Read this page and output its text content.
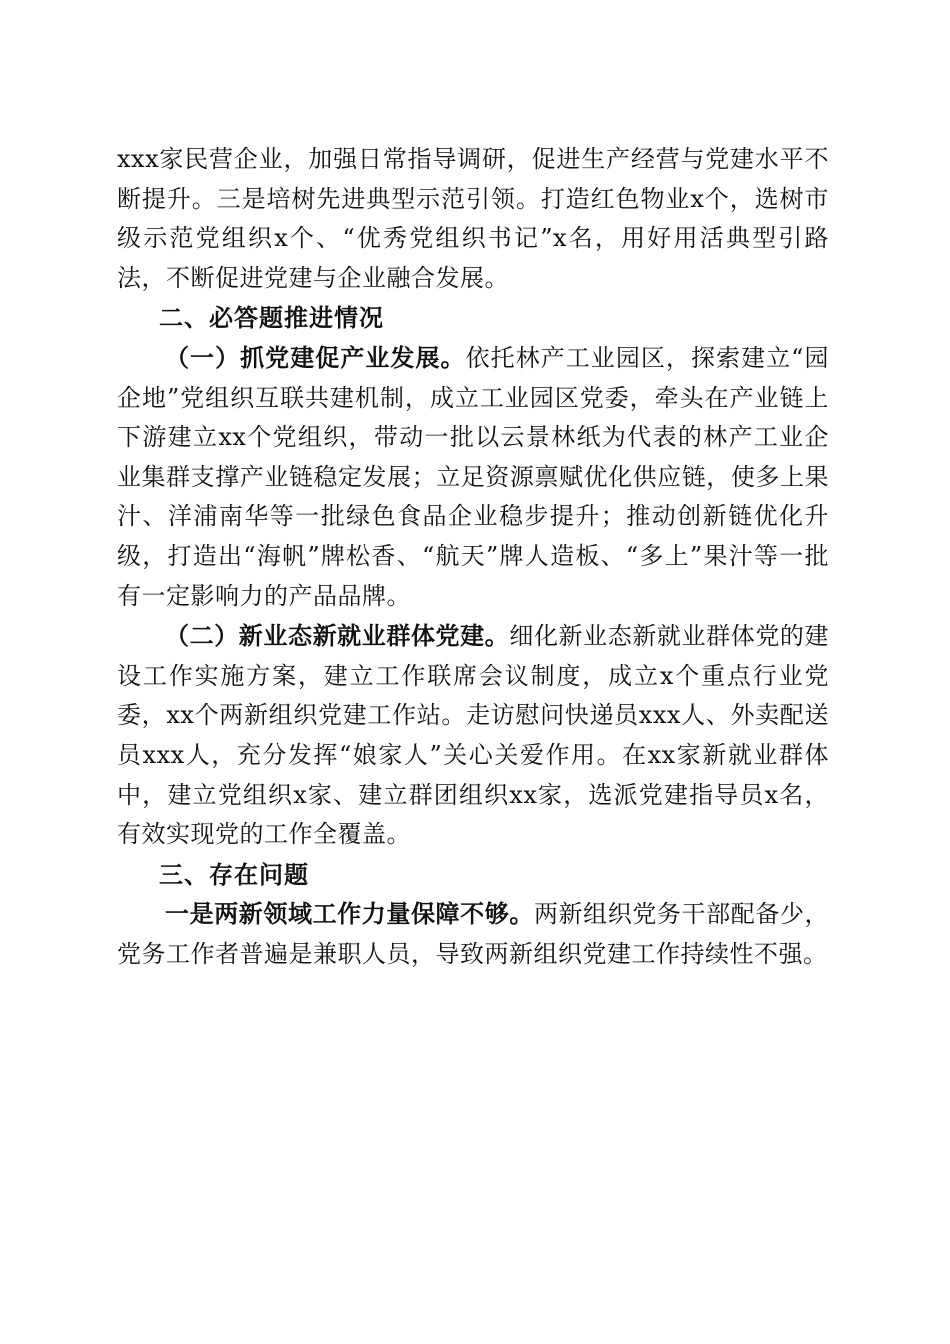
xxx家民营企业，加强日常指导调研，促进生产经营与党建水平不断提升。三是培树先进典型示范引领。打造红色物业x个，选树市级示范党组织x个、“优秀党组织书记”x名，用好用活典型引路法，不断促进党建与企业融合发展。

二、必答题推进情况

（一）抓党建促产业发展。依托林产工业园区，探索建立“园企地”党组织互联共建机制，成立工业园区党委，牵头在产业链上下游建立xx个党组织，带动一批以云景林纸为代表的林产工业企业集群支撑产业链稳定发展；立足资源禀赋优化供应链，使多上果汁、洋浦南华等一批绿色食品企业稳步提升；推动创新链优化升级，打造出“海帆”牌松香、“航天”牌人造板、“多上”果汁等一批有一定影响力的产品品牌。

（二）新业态新就业群体党建。细化新业态新就业群体党的建设工作实施方案，建立工作联席会议制度，成立x个重点行业党委，xx个两新组织党建工作站。走访慰问快递员xxx人、外卖配送员xxx人，充分发挥“娘家人”关心关爱作用。在xx家新就业群体中，建立党组织x家、建立群团组织xx家，选派党建指导员x名，有效实现党的工作全覆盖。

三、存在问题

一是两新领域工作力量保障不够。两新组织党务干部配备少，党务工作者普遍是兼职人员，导致两新组织党建工作持续性不强。
